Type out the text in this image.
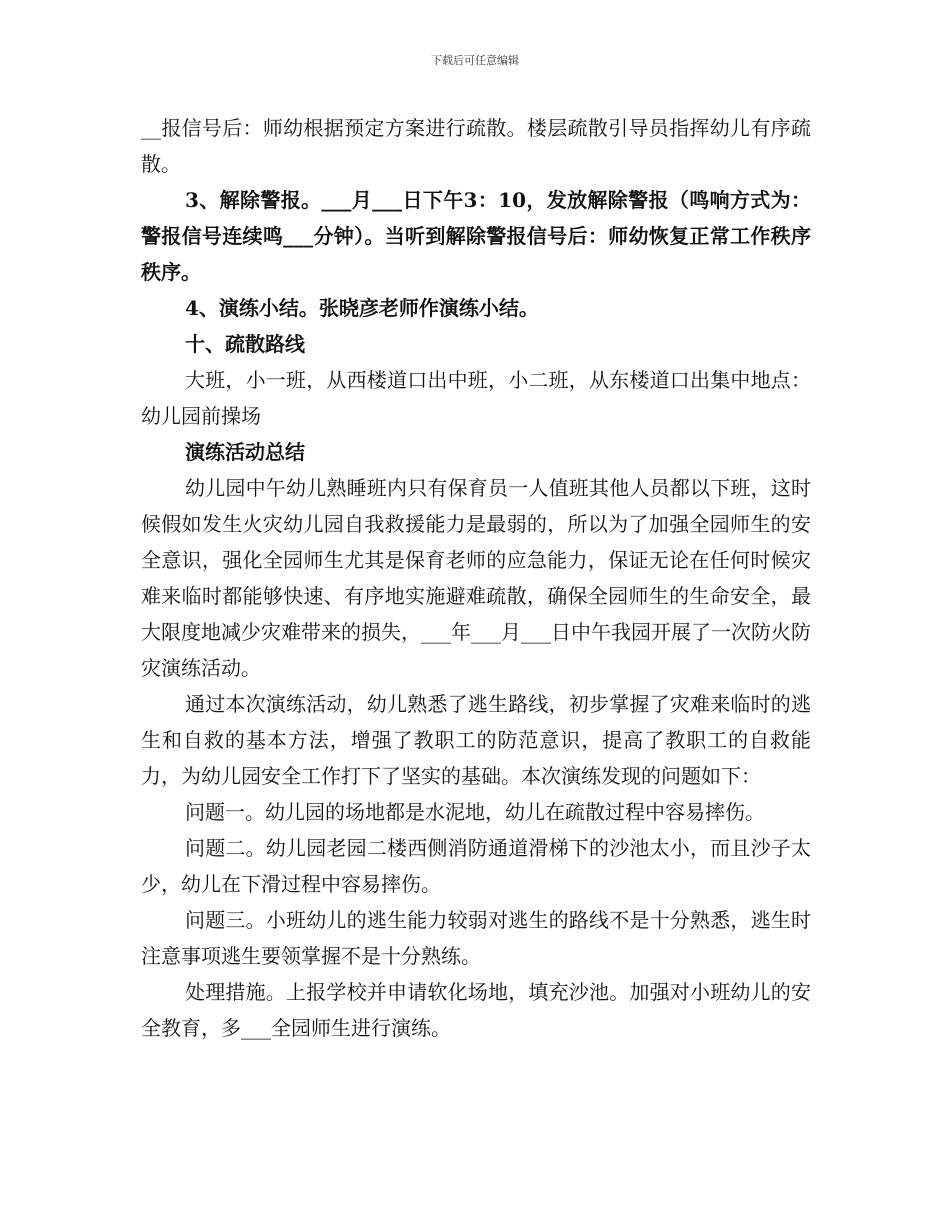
下载后可任意编辑

__报信号后：师幼根据预定方案进行疏散。楼层疏散引导员指挥幼儿有序疏散。

3、解除警报。___月___日下午3：10，发放解除警报（鸣响方式为：警报信号连续鸣___分钟）。当听到解除警报信号后：师幼恢复正常工作秩序秩序。

4、演练小结。张晓彦老师作演练小结。

十、疏散路线

大班，小一班，从西楼道口出中班，小二班，从东楼道口出集中地点：幼儿园前操场

演练活动总结

幼儿园中午幼儿熟睡班内只有保育员一人值班其他人员都以下班，这时候假如发生火灾幼儿园自我救援能力是最弱的，所以为了加强全园师生的安全意识，强化全园师生尤其是保育老师的应急能力，保证无论在任何时候灾难来临时都能够快速、有序地实施避难疏散，确保全园师生的生命安全，最大限度地减少灾难带来的损失，___年___月___日中午我园开展了一次防火防灾演练活动。

通过本次演练活动，幼儿熟悉了逃生路线，初步掌握了灾难来临时的逃生和自救的基本方法，增强了教职工的防范意识，提高了教职工的自救能力，为幼儿园安全工作打下了坚实的基础。本次演练发现的问题如下：

问题一。幼儿园的场地都是水泥地，幼儿在疏散过程中容易摔伤。

问题二。幼儿园老园二楼西侧消防通道滑梯下的沙池太小，而且沙子太少，幼儿在下滑过程中容易摔伤。

问题三。小班幼儿的逃生能力较弱对逃生的路线不是十分熟悉，逃生时注意事项逃生要领掌握不是十分熟练。

处理措施。上报学校并申请软化场地，填充沙池。加强对小班幼儿的安全教育，多___全园师生进行演练。
